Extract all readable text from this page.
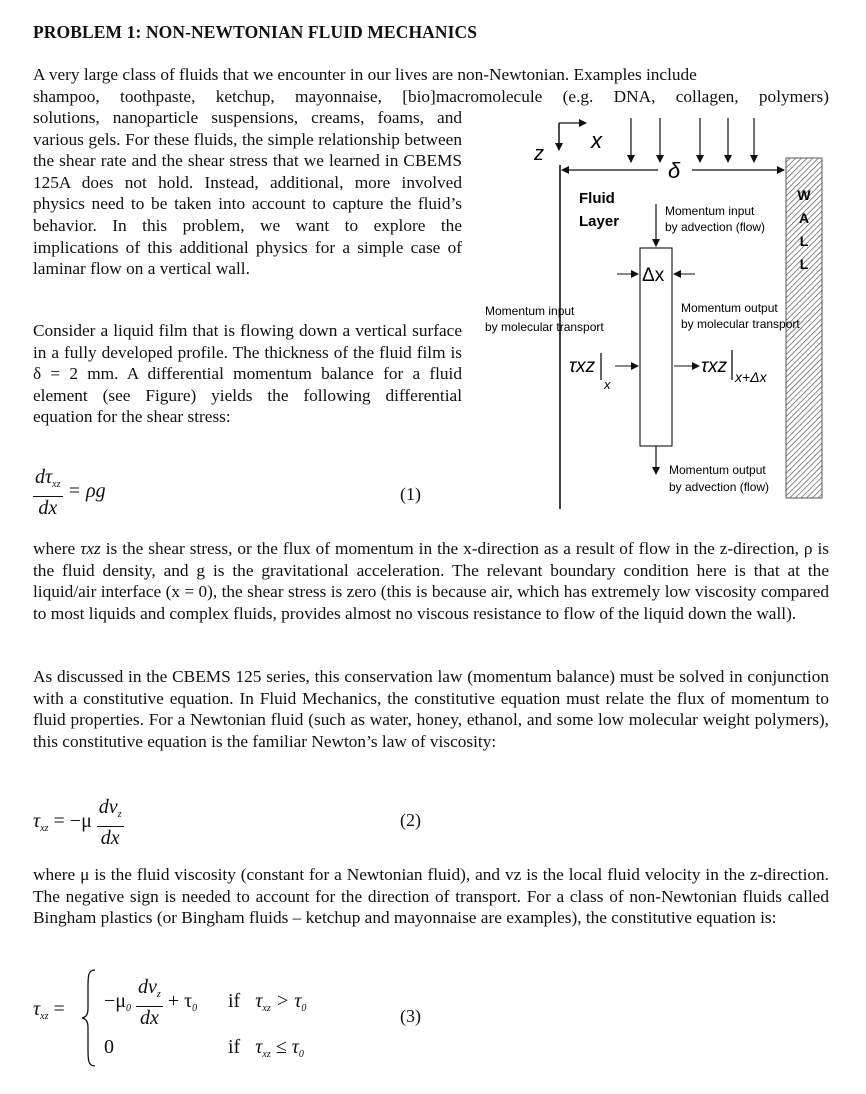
PROBLEM 1: NON-NEWTONIAN FLUID MECHANICS
A very large class of fluids that we encounter in our lives are non-Newtonian. Examples include
shampoo, toothpaste, ketchup, mayonnaise, [bio]macromolecule (e.g. DNA, collagen, polymers)
solutions, nanoparticle suspensions, creams, foams, and various gels. For these fluids, the simple relationship between the shear rate and the shear stress that we learned in CBEMS 125A does not hold. Instead, additional, more involved physics need to be taken into account to capture the fluid’s behavior. In this problem, we want to explore the implications of this additional physics for a simple case of laminar flow on a vertical wall.
Consider a liquid film that is flowing down a vertical surface in a fully developed profile. The thickness of the fluid film is δ = 2 mm. A differential momentum balance for a fluid element (see Figure) yields the following differential equation for the shear stress:
$\frac{d\tau_{xz}}{dx} = \rho g$	(1)
z
x
δ
W
A
L
L
Fluid
Layer
Momentum input
by advection (flow)
Δx
Momentum input
by molecular transport
Momentum output
by molecular transport
τxz
x
τxz x+Δx
Momentum output
by advection (flow)
where τxz is the shear stress, or the flux of momentum in the x-direction as a result of flow in the z-direction, ρ is the fluid density, and g is the gravitational acceleration. The relevant boundary condition here is that at the liquid/air interface (x = 0), the shear stress is zero (this is because air, which has extremely low viscosity compared to most liquids and complex fluids, provides almost no viscous resistance to flow of the liquid down the wall).
As discussed in the CBEMS 125 series, this conservation law (momentum balance) must be solved in conjunction with a constitutive equation. In Fluid Mechanics, the constitutive equation must relate the flux of momentum to fluid properties. For a Newtonian fluid (such as water, honey, ethanol, and some low molecular weight polymers), this constitutive equation is the familiar Newton’s law of viscosity:
$\tau_{xz} = -\mu \frac{dv_z}{dx}$	(2)
where μ is the fluid viscosity (constant for a Newtonian fluid), and vz is the local fluid velocity in the z-direction. The negative sign is needed to account for the direction of transport. For a class of non-Newtonian fluids called Bingham plastics (or Bingham fluids – ketchup and mayonnaise are examples), the constitutive equation is:
$\tau_{xz} = -\mu_0 \frac{dv_z}{dx} + \tau_0$ if $\tau_{xz} > \tau_0$
0	if $\tau_{xz} \le \tau_0$
(3)
